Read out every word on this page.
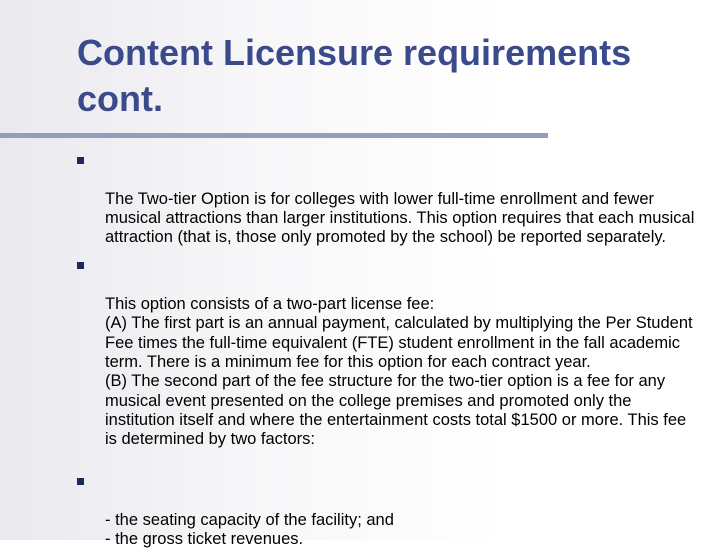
Content Licensure requirements cont.

The Two-tier Option is for colleges with lower full-time enrollment and fewer musical attractions than larger institutions. This option requires that each musical attraction (that is, those only promoted by the school) be reported separately.

This option consists of a two-part license fee:
(A) The first part is an annual payment, calculated by multiplying the Per Student Fee times the full-time equivalent (FTE) student enrollment in the fall academic term. There is a minimum fee for this option for each contract year.
(B) The second part of the fee structure for the two-tier option is a fee for any musical event presented on the college premises and promoted only the institution itself and where the entertainment costs total $1500 or more. This fee is determined by two factors:

- the seating capacity of the facility; and
- the gross ticket revenues.
